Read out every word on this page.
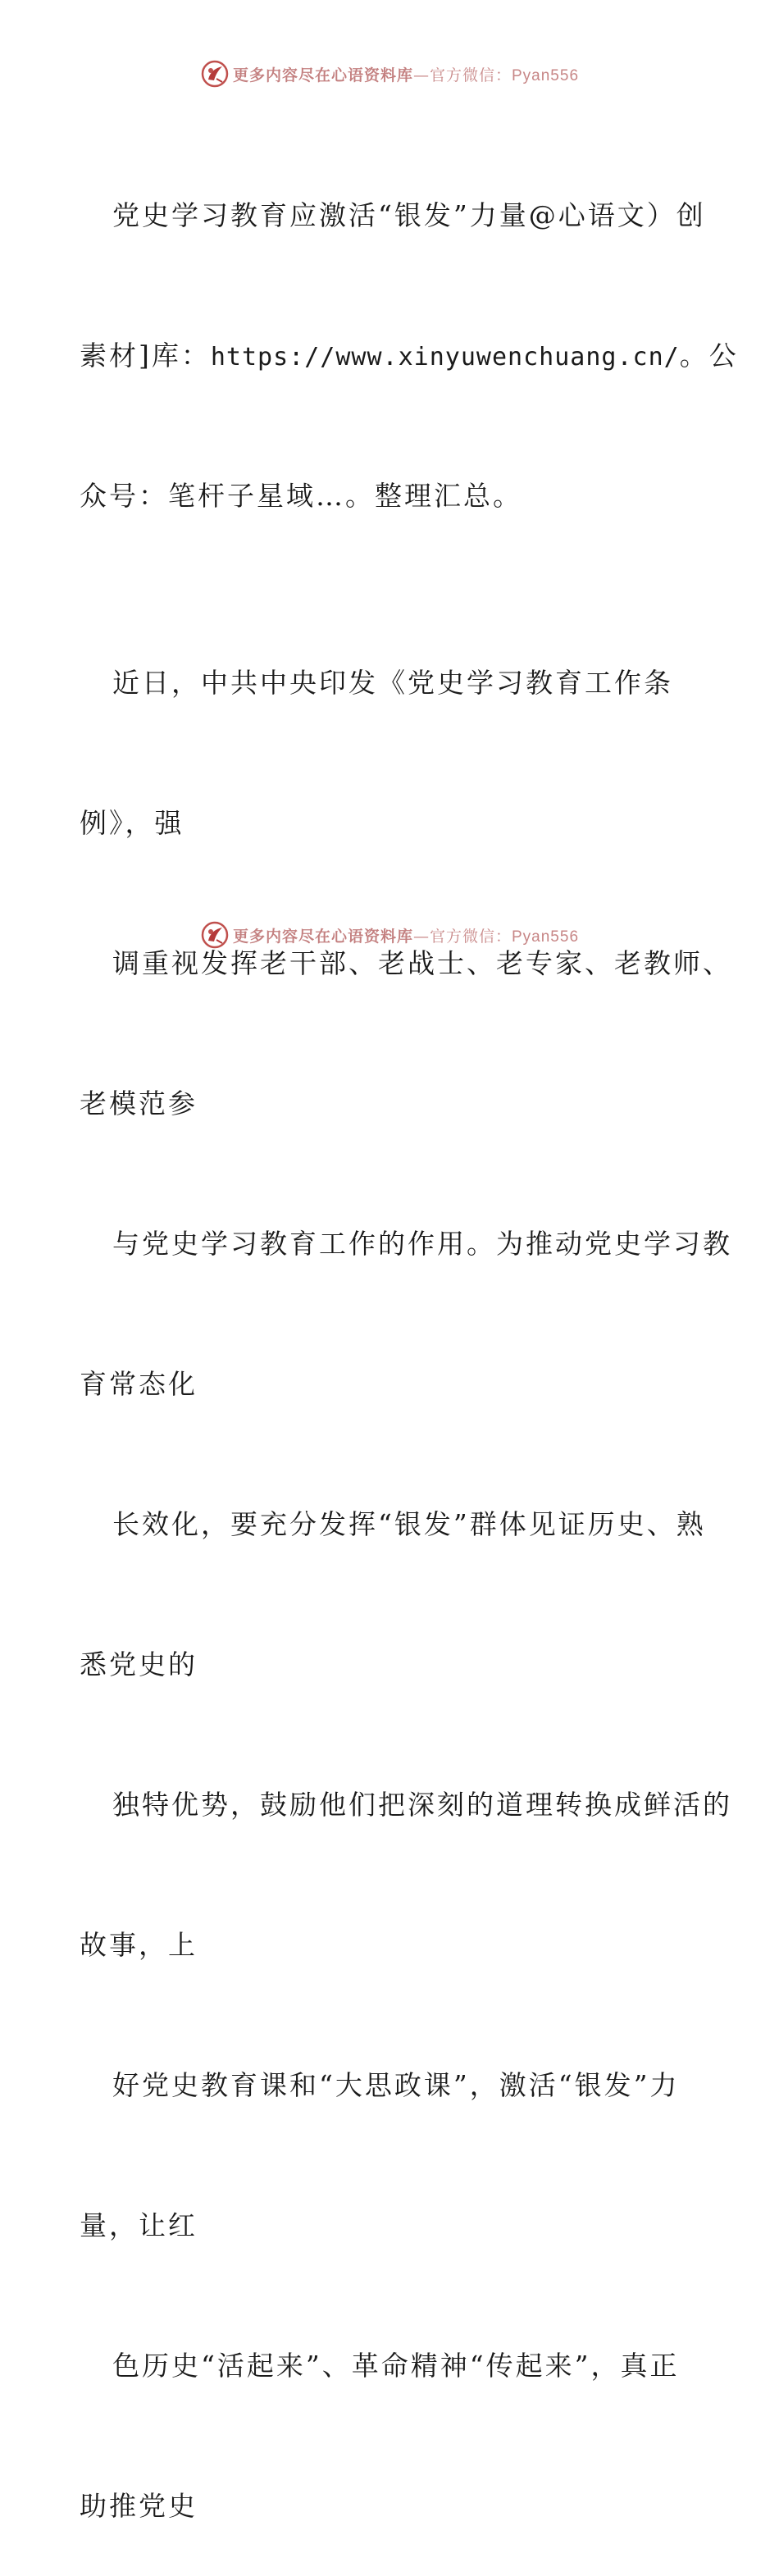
更多内容尽在心语资料库—官方微信：Pyan556

党史学习教育应激活“银发”力量@心语文）创

素材]库：https://www.xinyuwenchuang.cn/。公

众号：笔杆子星域…。整理汇总。

近日，中共中央印发《党史学习教育工作条

例》，强

调重视发挥老干部、老战士、老专家、老教师、

老模范参

与党史学习教育工作的作用。为推动党史学习教

育常态化

长效化，要充分发挥“银发”群体见证历史、熟

悉党史的

独特优势，鼓励他们把深刻的道理转换成鲜活的

故事，上

好党史教育课和“大思政课”，激活“银发”力

量，让红

色历史“活起来”、革命精神“传起来”，真正

助推党史

更多内容尽在心语资料库—官方微信：Pyan556
